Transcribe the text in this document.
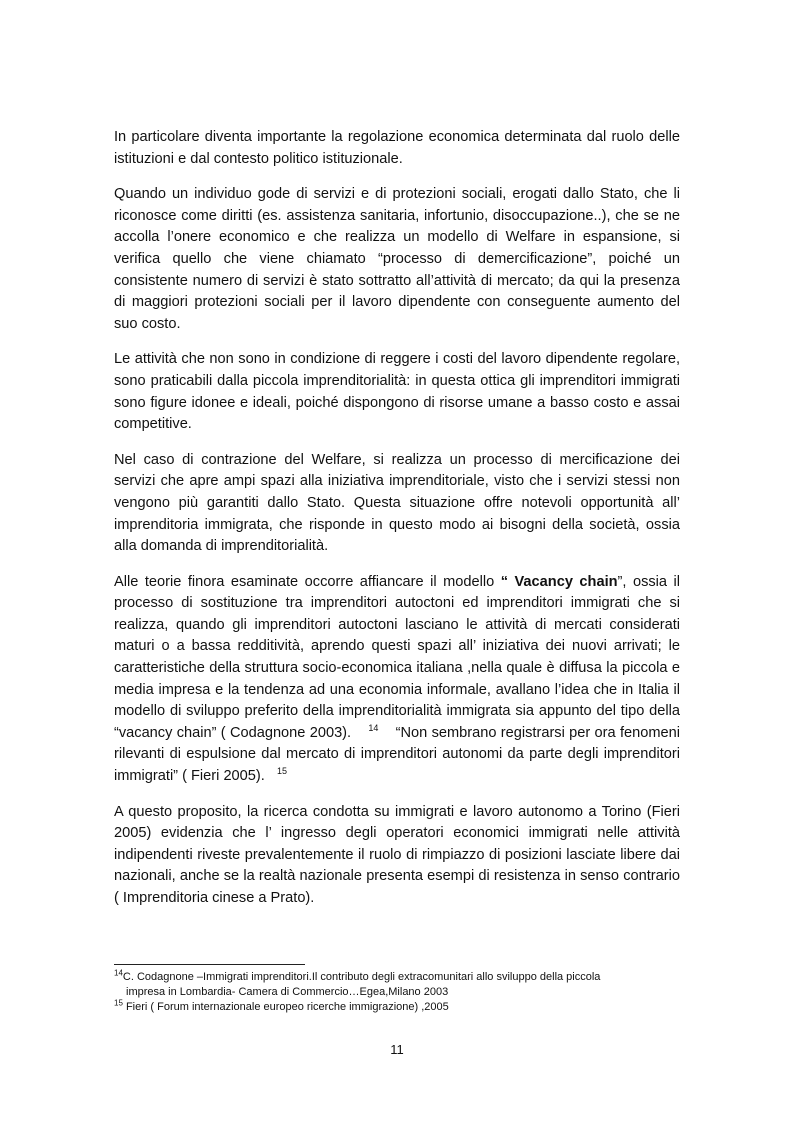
In particolare diventa importante la regolazione economica determinata dal ruolo delle istituzioni e dal contesto politico istituzionale.

Quando un individuo gode di servizi e di protezioni sociali, erogati dallo Stato, che li riconosce come diritti (es. assistenza sanitaria, infortunio, disoccupazione..), che se ne accolla l’onere economico e che realizza un modello di Welfare in espansione, si verifica quello che viene chiamato “processo di demercificazione”, poiché un consistente numero di servizi è stato sottratto all’attività di mercato; da qui la presenza di maggiori protezioni sociali per il lavoro dipendente con conseguente aumento del suo costo.

Le attività che non sono in condizione di reggere i costi del lavoro dipendente regolare, sono praticabili dalla piccola imprenditorialità: in questa ottica gli imprenditori immigrati sono figure idonee e ideali, poiché dispongono di risorse umane a basso costo e assai competitive.

Nel caso di contrazione del Welfare, si realizza un processo di mercificazione dei servizi che apre ampi spazi alla iniziativa imprenditoriale, visto che i servizi stessi non vengono più garantiti dallo Stato. Questa situazione offre notevoli opportunità all’ imprenditoria immigrata, che risponde in questo modo ai bisogni della società, ossia alla domanda di imprenditorialità.

Alle teorie finora esaminate occorre affiancare il modello “ Vacancy chain”, ossia il processo di sostituzione tra imprenditori autoctoni ed imprenditori immigrati che si realizza, quando gli imprenditori autoctoni lasciano le attività di mercati considerati maturi o a bassa redditività, aprendo questi spazi all’ iniziativa dei nuovi arrivati; le caratteristiche della struttura socio-economica italiana ,nella quale è diffusa la piccola e media impresa e la tendenza ad una economia informale, avallano l’idea che in Italia il modello di sviluppo preferito della imprenditorialità immigrata sia appunto del tipo della “vacancy chain” ( Codagnone 2003). $^{14}$ “Non sembrano registrarsi per ora fenomeni rilevanti di espulsione dal mercato di imprenditori autonomi da parte degli imprenditori immigrati” ( Fieri 2005). $^{15}$

A questo proposito, la ricerca condotta su immigrati e lavoro autonomo a Torino (Fieri 2005) evidenzia che l’ ingresso degli operatori economici immigrati nelle attività indipendenti riveste prevalentemente il ruolo di rimpiazzo di posizioni lasciate libere dai nazionali, anche se la realtà nazionale presenta esempi di resistenza in senso contrario ( Imprenditoria cinese a Prato).

$^{14}$C. Codagnone –Immigrati imprenditori.Il contributo degli extracomunitari allo sviluppo della piccola
impresa in Lombardia- Camera di Commercio…Egea,Milano 2003

$^{15}$ Fieri ( Forum internazionale europeo ricerche immigrazione) ,2005

11
